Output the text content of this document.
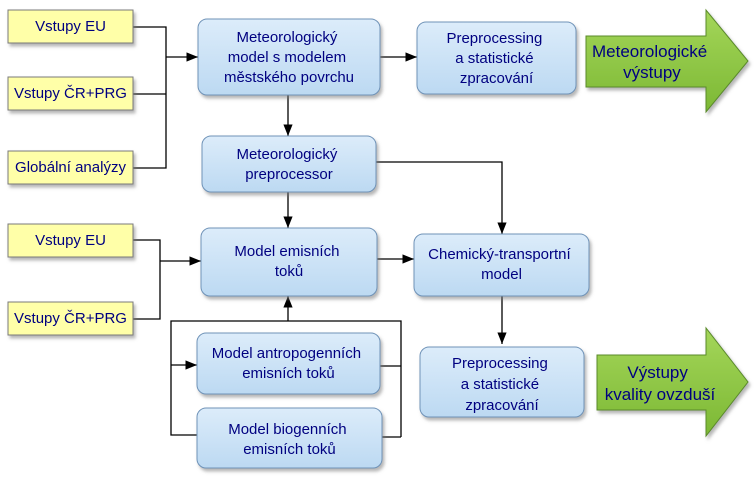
Vstupy EU
Vstupy ČR+PRG
Globální analýzy
Vstupy EU
Vstupy ČR+PRG
Meteorologický model s modelem městského povrchu
Preprocessing a statistické zpracování
Meteorologický preprocessor
Model emisních toků
Chemický-transportní model
Model antropogenních emisních toků
Model biogenních emisních toků
Preprocessing a statistické zpracování
Meteorologické výstupy
Výstupy kvality ovzduší
